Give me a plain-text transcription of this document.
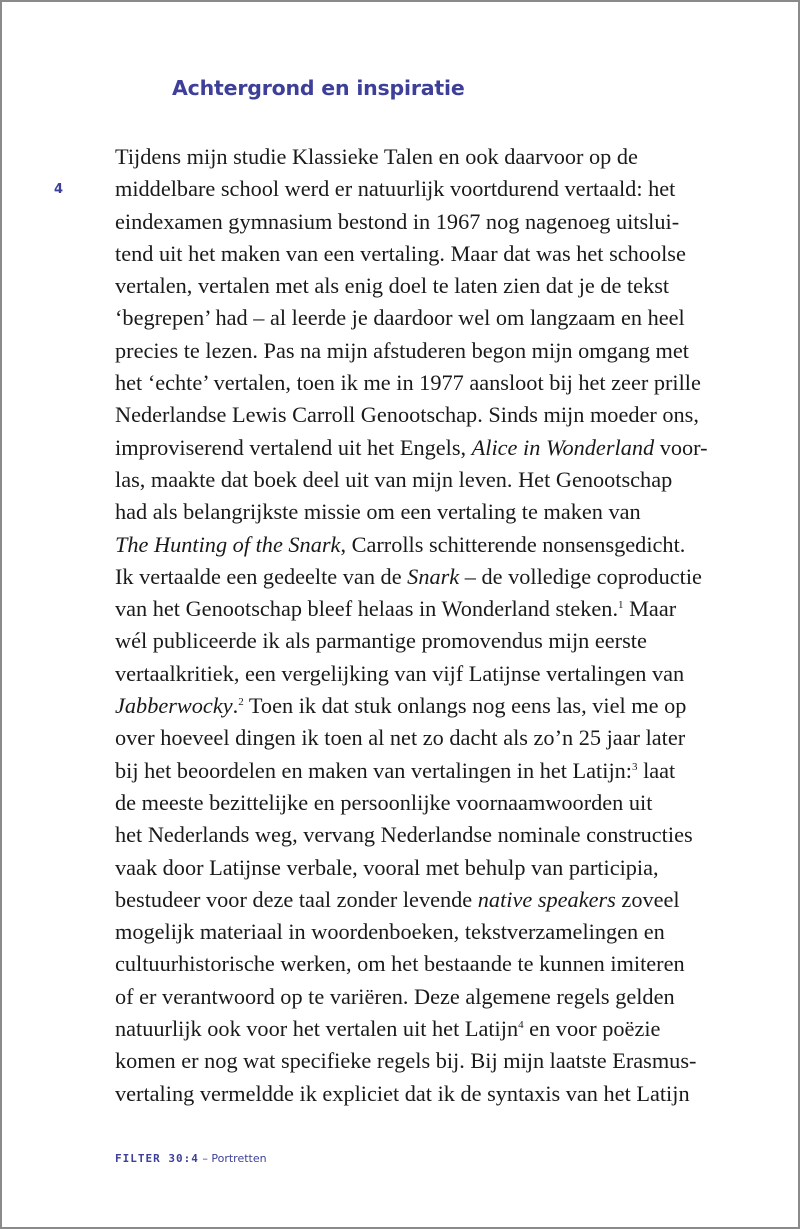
Achtergrond en inspiratie
4
Tijdens mijn studie Klassieke Talen en ook daarvoor op de
middelbare school werd er natuurlijk voortdurend vertaald: het
eindexamen gymnasium bestond in 1967 nog nagenoeg uitslui-
tend uit het maken van een vertaling. Maar dat was het schoolse
vertalen, vertalen met als enig doel te laten zien dat je de tekst
‘begrepen’ had – al leerde je daardoor wel om langzaam en heel
precies te lezen. Pas na mijn afstuderen begon mijn omgang met
het ‘echte’ vertalen, toen ik me in 1977 aansloot bij het zeer prille
Nederlandse Lewis Carroll Genootschap. Sinds mijn moeder ons,
improviserend vertalend uit het Engels, Alice in Wonderland voor-
las, maakte dat boek deel uit van mijn leven. Het Genootschap
had als belangrijkste missie om een vertaling te maken van
The Hunting of the Snark, Carrolls schitterende nonsensgedicht.
Ik vertaalde een gedeelte van de Snark – de volledige coproductie
van het Genootschap bleef helaas in Wonderland steken.$^1$ Maar
wél publiceerde ik als parmantige promovendus mijn eerste
vertaalkritiek, een vergelijking van vijf Latijnse vertalingen van
Jabberwocky.$^2$ Toen ik dat stuk onlangs nog eens las, viel me op
over hoeveel dingen ik toen al net zo dacht als zo’n 25 jaar later
bij het beoordelen en maken van vertalingen in het Latijn:$^3$ laat
de meeste bezittelijke en persoonlijke voornaamwoorden uit
het Nederlands weg, vervang Nederlandse nominale constructies
vaak door Latijnse verbale, vooral met behulp van participia,
bestudeer voor deze taal zonder levende native speakers zoveel
mogelijk materiaal in woordenboeken, tekstverzamelingen en
cultuurhistorische werken, om het bestaande te kunnen imiteren
of er verantwoord op te variëren. Deze algemene regels gelden
natuurlijk ook voor het vertalen uit het Latijn$^4$ en voor poëzie
komen er nog wat specifieke regels bij. Bij mijn laatste Erasmus-
vertaling vermeldde ik expliciet dat ik de syntaxis van het Latijn
FILTER 30:4 – Portretten
